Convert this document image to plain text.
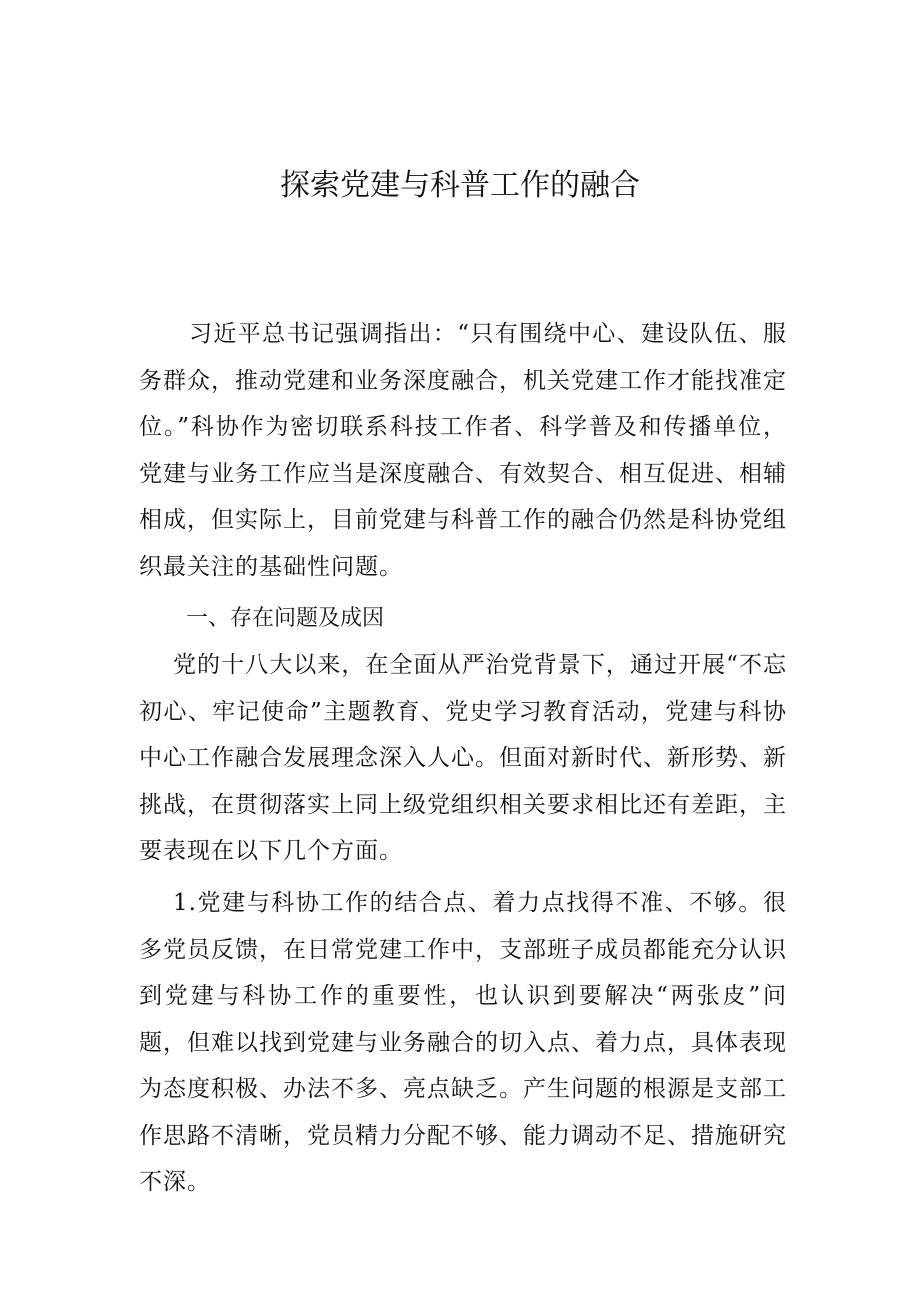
探索党建与科普工作的融合

习近平总书记强调指出：“只有围绕中心、建设队伍、服务群众，推动党建和业务深度融合，机关党建工作才能找准定位。”科协作为密切联系科技工作者、科学普及和传播单位，党建与业务工作应当是深度融合、有效契合、相互促进、相辅相成，但实际上，目前党建与科普工作的融合仍然是科协党组织最关注的基础性问题。

一、存在问题及成因

党的十八大以来，在全面从严治党背景下，通过开展“不忘初心、牢记使命”主题教育、党史学习教育活动，党建与科协中心工作融合发展理念深入人心。但面对新时代、新形势、新挑战，在贯彻落实上同上级党组织相关要求相比还有差距，主要表现在以下几个方面。

1.党建与科协工作的结合点、着力点找得不准、不够。很多党员反馈，在日常党建工作中，支部班子成员都能充分认识到党建与科协工作的重要性，也认识到要解决“两张皮”问题，但难以找到党建与业务融合的切入点、着力点，具体表现为态度积极、办法不多、亮点缺乏。产生问题的根源是支部工作思路不清晰，党员精力分配不够、能力调动不足、措施研究不深。
